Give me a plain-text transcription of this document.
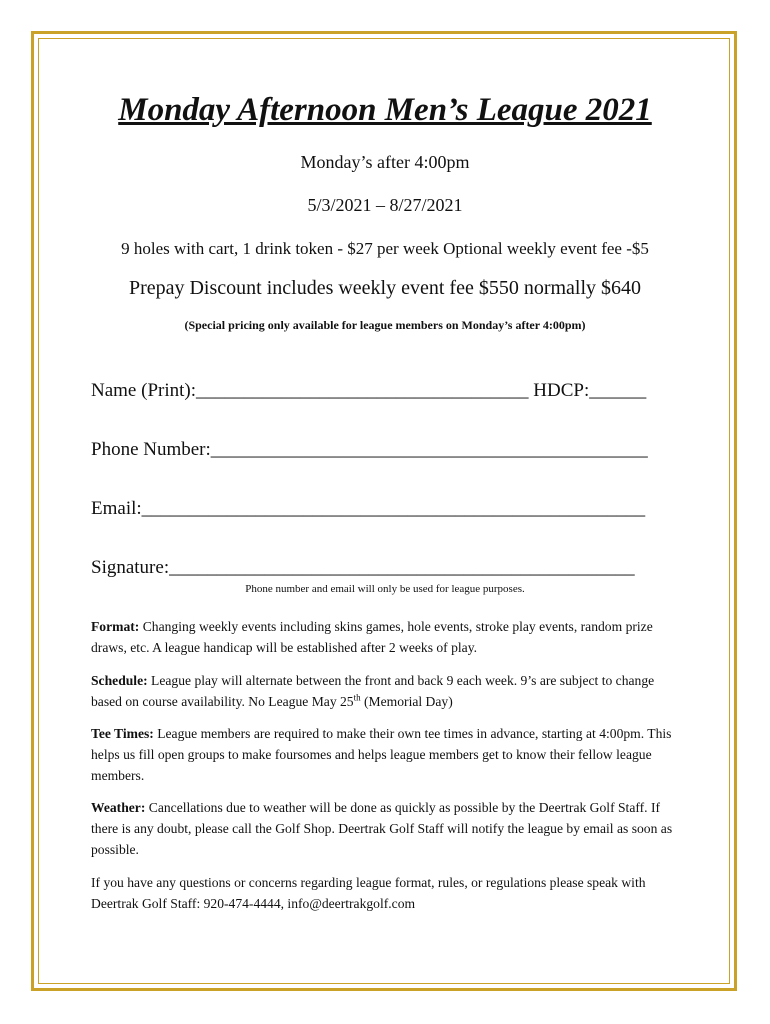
Monday Afternoon Men’s League 2021
Monday’s after 4:00pm
5/3/2021 – 8/27/2021
9 holes with cart, 1 drink token - $27 per week Optional weekly event fee -$5
Prepay Discount includes weekly event fee $550 normally $640
(Special pricing only available for league members on Monday’s after 4:00pm)
Name (Print):___________________________________ HDCP:______
Phone Number:______________________________________________
Email:_____________________________________________________
Signature:_________________________________________________
Phone number and email will only be used for league purposes.
Format: Changing weekly events including skins games, hole events, stroke play events, random prize draws, etc. A league handicap will be established after 2 weeks of play.
Schedule: League play will alternate between the front and back 9 each week. 9’s are subject to change based on course availability. No League May 25th (Memorial Day)
Tee Times: League members are required to make their own tee times in advance, starting at 4:00pm. This helps us fill open groups to make foursomes and helps league members get to know their fellow league members.
Weather: Cancellations due to weather will be done as quickly as possible by the Deertrak Golf Staff. If there is any doubt, please call the Golf Shop. Deertrak Golf Staff will notify the league by email as soon as possible.
If you have any questions or concerns regarding league format, rules, or regulations please speak with Deertrak Golf Staff: 920-474-4444, info@deertrakgolf.com
